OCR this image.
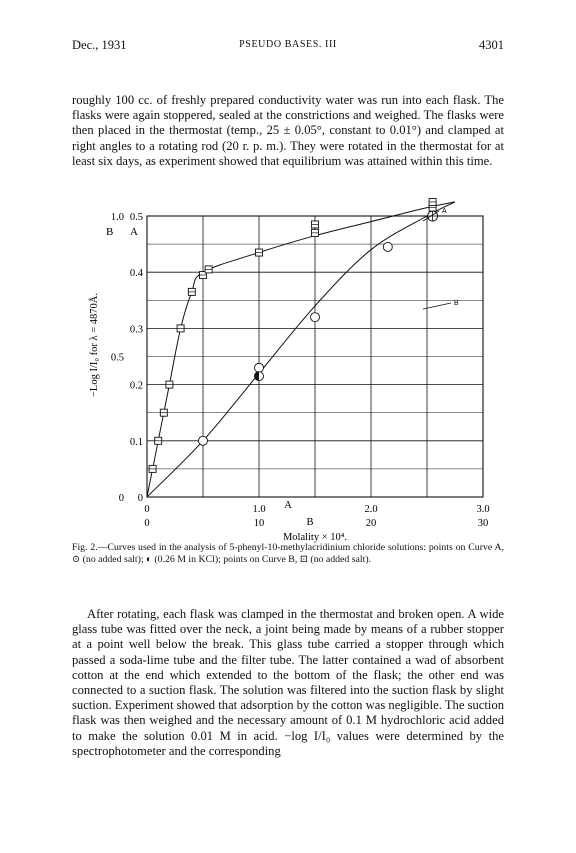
Dec., 1931	PSEUDO BASES. III	4301

roughly 100 cc. of freshly prepared conductivity water was run into each flask. The flasks were again stoppered, sealed at the constrictions and weighed. The flasks were then placed in the thermostat (temp., 25 ± 0.05°, constant to 0.01°) and clamped at right angles to a rotating rod (20 r. p. m.). They were rotated in the thermostat for at least six days, as experiment showed that equilibrium was attained within this time.

0	1.0	2.0	3.0
0	10	20	30
0
0.1
0.2
0.3
0.4
0.5
0
0.5
1.0
B A
−Log I/I₀ for λ = 4870Å.
A
B
Molality × 10⁴.
A
B

Fig. 2.—Curves used in the analysis of 5-phenyl-10-methylacridinium chloride solutions: points on Curve A, ⊙ (no added salt); ◐ (0.26 M in KCl); points on Curve B, ⊡ (no added salt).

After rotating, each flask was clamped in the thermostat and broken open. A wide glass tube was fitted over the neck, a joint being made by means of a rubber stopper at a point well below the break. This glass tube carried a stopper through which passed a soda-lime tube and the filter tube. The latter contained a wad of absorbent cotton at the end which extended to the bottom of the flask; the other end was connected to a suction flask. The solution was filtered into the suction flask by slight suction. Experiment showed that adsorption by the cotton was negligible. The suction flask was then weighed and the necessary amount of 0.1 M hydrochloric acid added to make the solution 0.01 M in acid. −log I/I₀ values were determined by the spectrophotometer and the corresponding
